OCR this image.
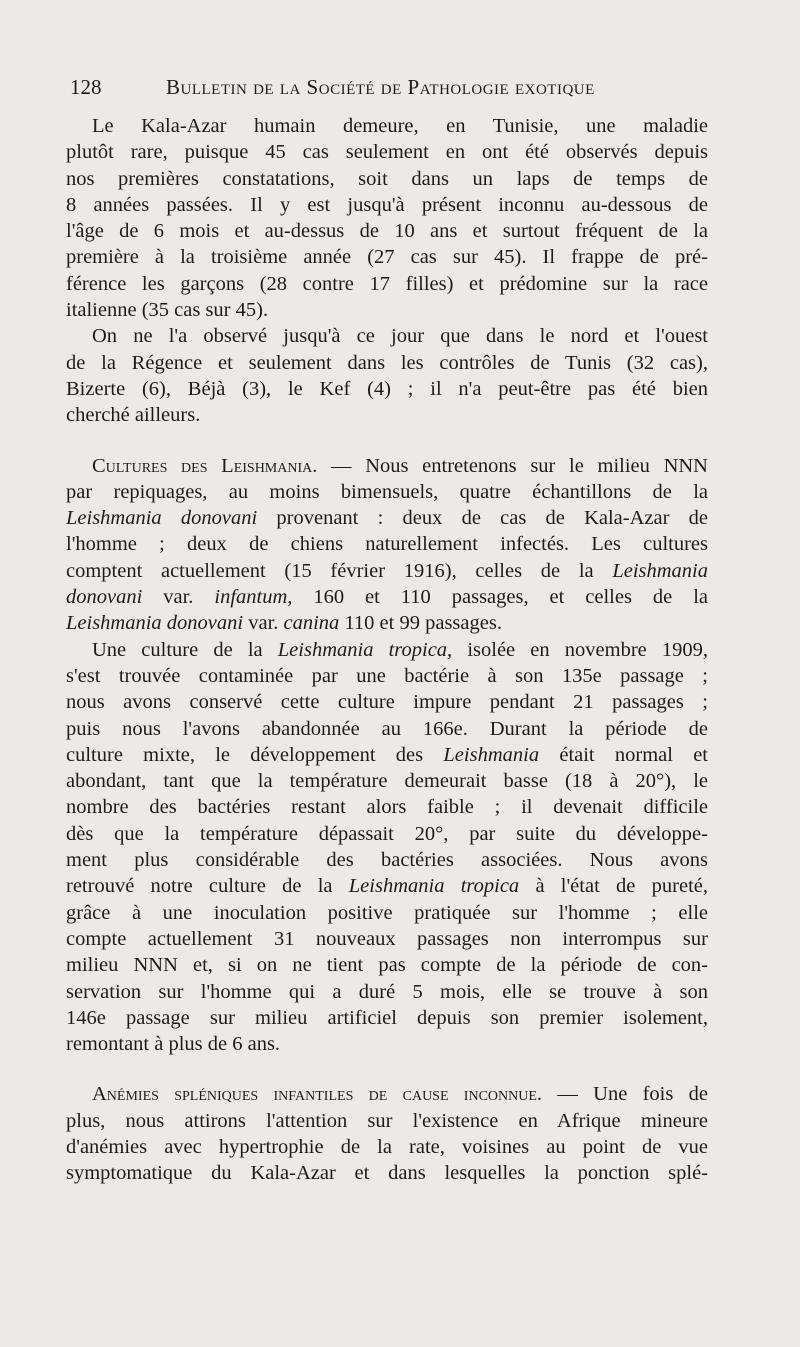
128	Bulletin de la Société de Pathologie exotique
Le Kala-Azar humain demeure, en Tunisie, une maladie
plutôt rare, puisque 45 cas seulement en ont été observés depuis
nos premières constatations, soit dans un laps de temps de
8 années passées. Il y est jusqu'à présent inconnu au-dessous de
l'âge de 6 mois et au-dessus de 10 ans et surtout fréquent de la
première à la troisième année (27 cas sur 45). Il frappe de pré-
férence les garçons (28 contre 17 filles) et prédomine sur la race
italienne (35 cas sur 45).
On ne l'a observé jusqu'à ce jour que dans le nord et l'ouest
de la Régence et seulement dans les contrôles de Tunis (32 cas),
Bizerte (6), Béjà (3), le Kef (4) ; il n'a peut-être pas été bien
cherché ailleurs.
Cultures des Leishmania. — Nous entretenons sur le milieu NNN
par repiquages, au moins bimensuels, quatre échantillons de la
Leishmania donovani provenant : deux de cas de Kala-Azar de
l'homme ; deux de chiens naturellement infectés. Les cultures
comptent actuellement (15 février 1916), celles de la Leishmania
donovani var. infantum, 160 et 110 passages, et celles de la
Leishmania donovani var. canina 110 et 99 passages.
Une culture de la Leishmania tropica, isolée en novembre 1909,
s'est trouvée contaminée par une bactérie à son 135e passage ;
nous avons conservé cette culture impure pendant 21 passages ;
puis nous l'avons abandonnée au 166e. Durant la période de
culture mixte, le développement des Leishmania était normal et
abondant, tant que la température demeurait basse (18 à 20°), le
nombre des bactéries restant alors faible ; il devenait difficile
dès que la température dépassait 20°, par suite du développe-
ment plus considérable des bactéries associées. Nous avons
retrouvé notre culture de la Leishmania tropica à l'état de pureté,
grâce à une inoculation positive pratiquée sur l'homme ; elle
compte actuellement 31 nouveaux passages non interrompus sur
milieu NNN et, si on ne tient pas compte de la période de con-
servation sur l'homme qui a duré 5 mois, elle se trouve à son
146e passage sur milieu artificiel depuis son premier isolement,
remontant à plus de 6 ans.
Anémies spléniques infantiles de cause inconnue. — Une fois de
plus, nous attirons l'attention sur l'existence en Afrique mineure
d'anémies avec hypertrophie de la rate, voisines au point de vue
symptomatique du Kala-Azar et dans lesquelles la ponction splé-
